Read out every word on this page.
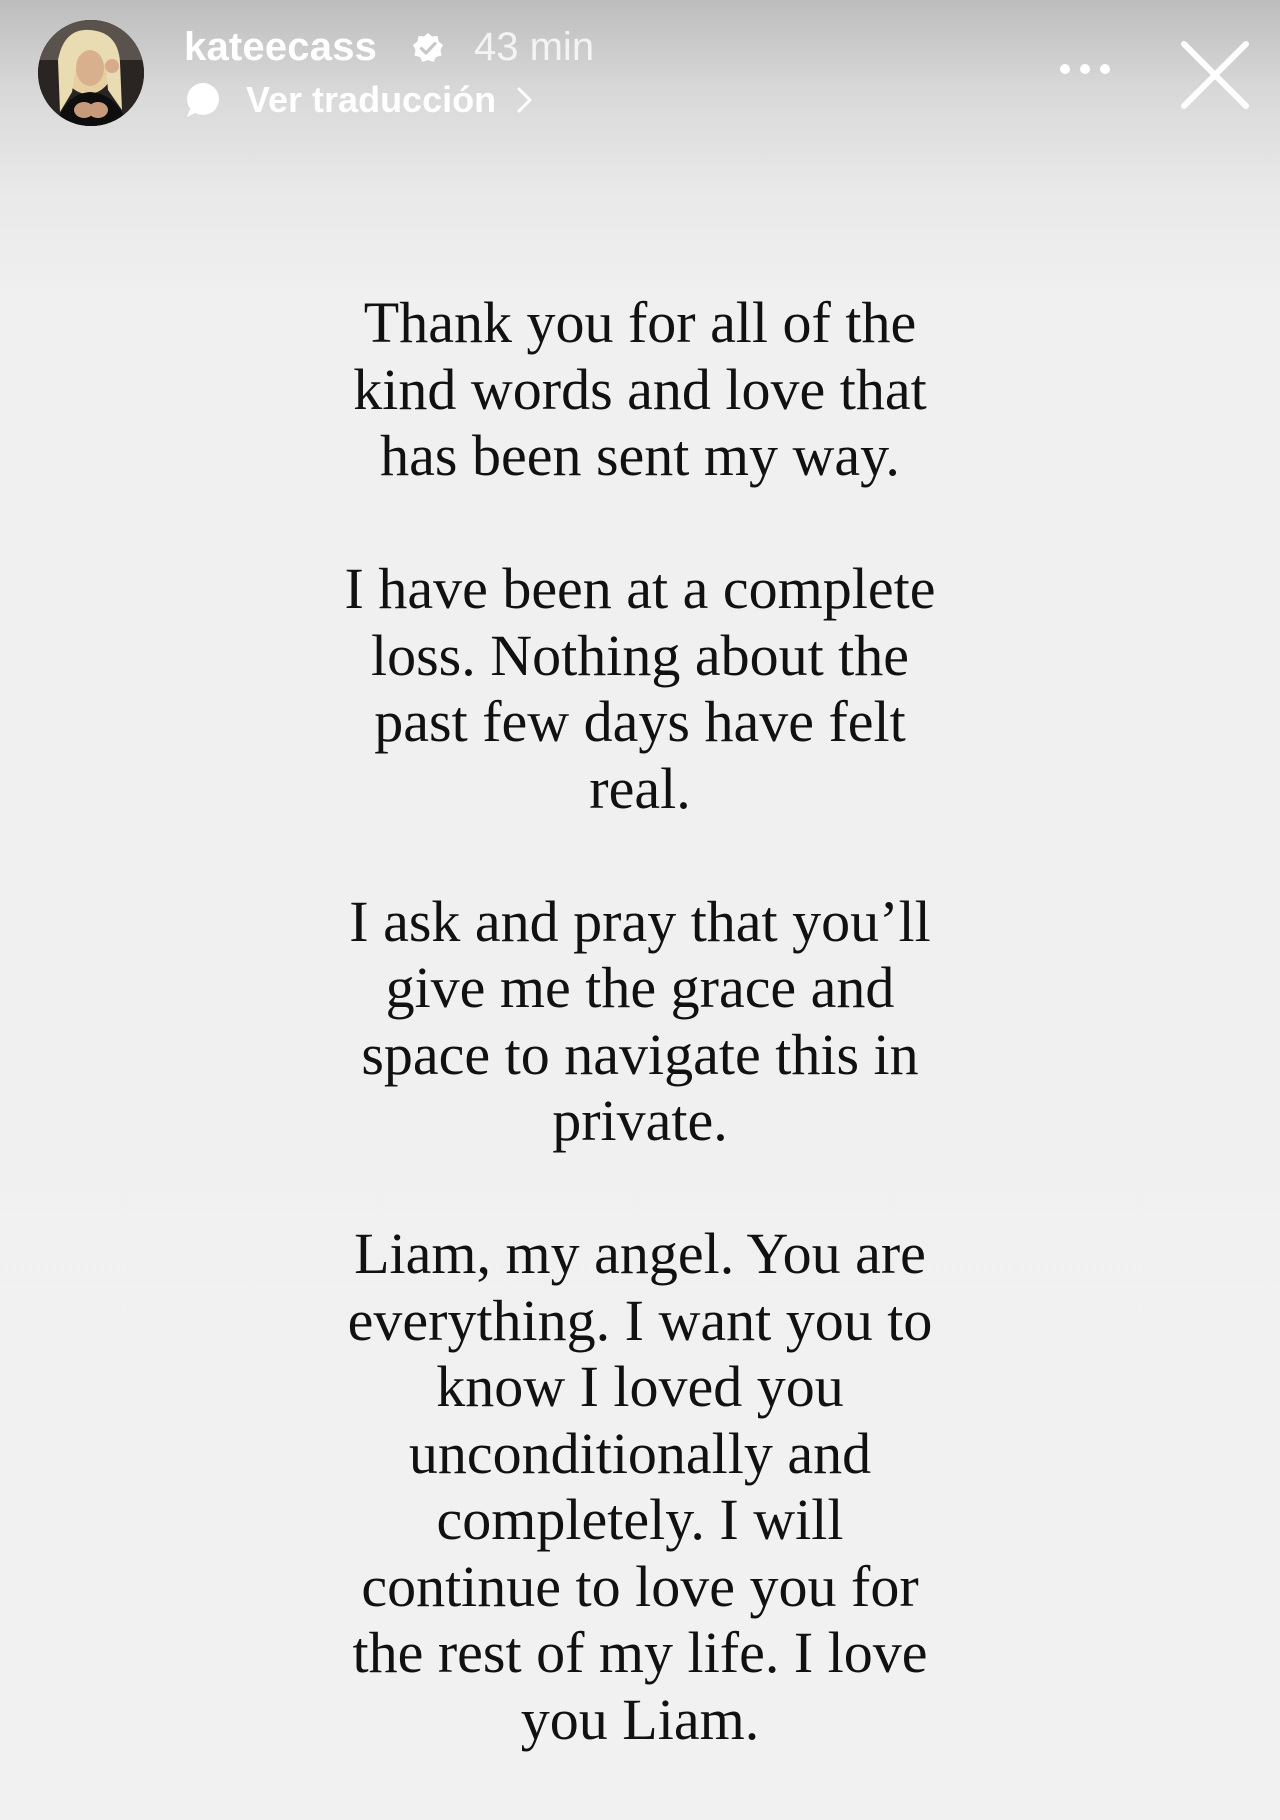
kateecass 43 min
Ver traducción

Thank you for all of the
kind words and love that
has been sent my way.

I have been at a complete
loss. Nothing about the
past few days have felt
real.

I ask and pray that you’ll
give me the grace and
space to navigate this in
private.

Liam, my angel. You are
everything. I want you to
know I loved you
unconditionally and
completely. I will
continue to love you for
the rest of my life. I love
you Liam.
